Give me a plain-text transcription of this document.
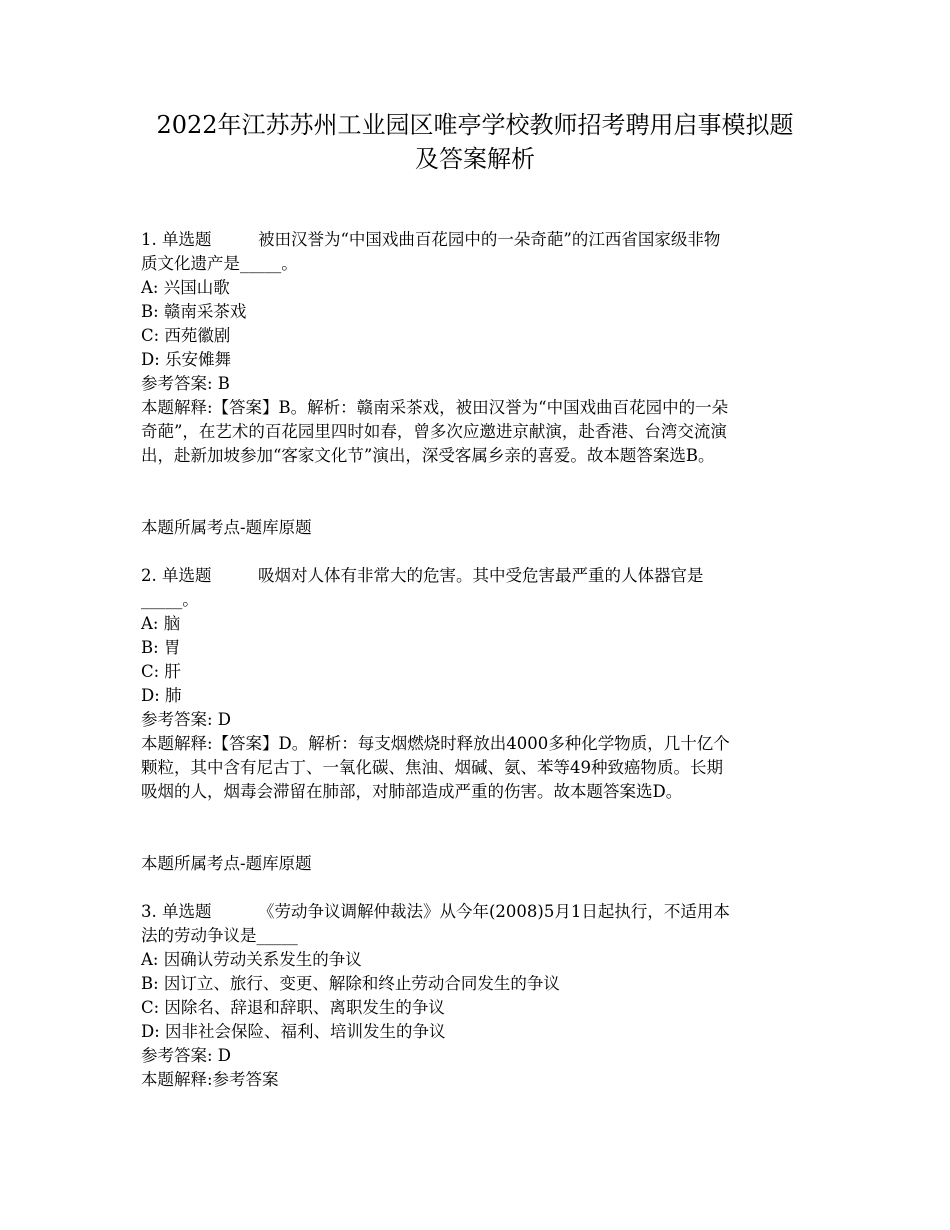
2022年江苏苏州工业园区唯亭学校教师招考聘用启事模拟题
及答案解析
1. 单选题	被田汉誉为“中国戏曲百花园中的一朵奇葩”的江西省国家级非物
质文化遗产是_____。
A: 兴国山歌
B: 赣南采茶戏
C: 西苑徽剧
D: 乐安傩舞
参考答案: B
本题解释:【答案】B。解析：赣南采茶戏，被田汉誉为“中国戏曲百花园中的一朵
奇葩”，在艺术的百花园里四时如春，曾多次应邀进京献演，赴香港、台湾交流演
出，赴新加坡参加“客家文化节”演出，深受客属乡亲的喜爱。故本题答案选B。
本题所属考点-题库原题
2. 单选题	吸烟对人体有非常大的危害。其中受危害最严重的人体器官是
_____。
A: 脑
B: 胃
C: 肝
D: 肺
参考答案: D
本题解释:【答案】D。解析：每支烟燃烧时释放出4000多种化学物质，几十亿个
颗粒，其中含有尼古丁、一氧化碳、焦油、烟碱、氨、苯等49种致癌物质。长期
吸烟的人，烟毒会滞留在肺部，对肺部造成严重的伤害。故本题答案选D。
本题所属考点-题库原题
3. 单选题	《劳动争议调解仲裁法》从今年(2008)5月1日起执行，不适用本
法的劳动争议是_____
A: 因确认劳动关系发生的争议
B: 因订立、旅行、变更、解除和终止劳动合同发生的争议
C: 因除名、辞退和辞职、离职发生的争议
D: 因非社会保险、福利、培训发生的争议
参考答案: D
本题解释:参考答案
